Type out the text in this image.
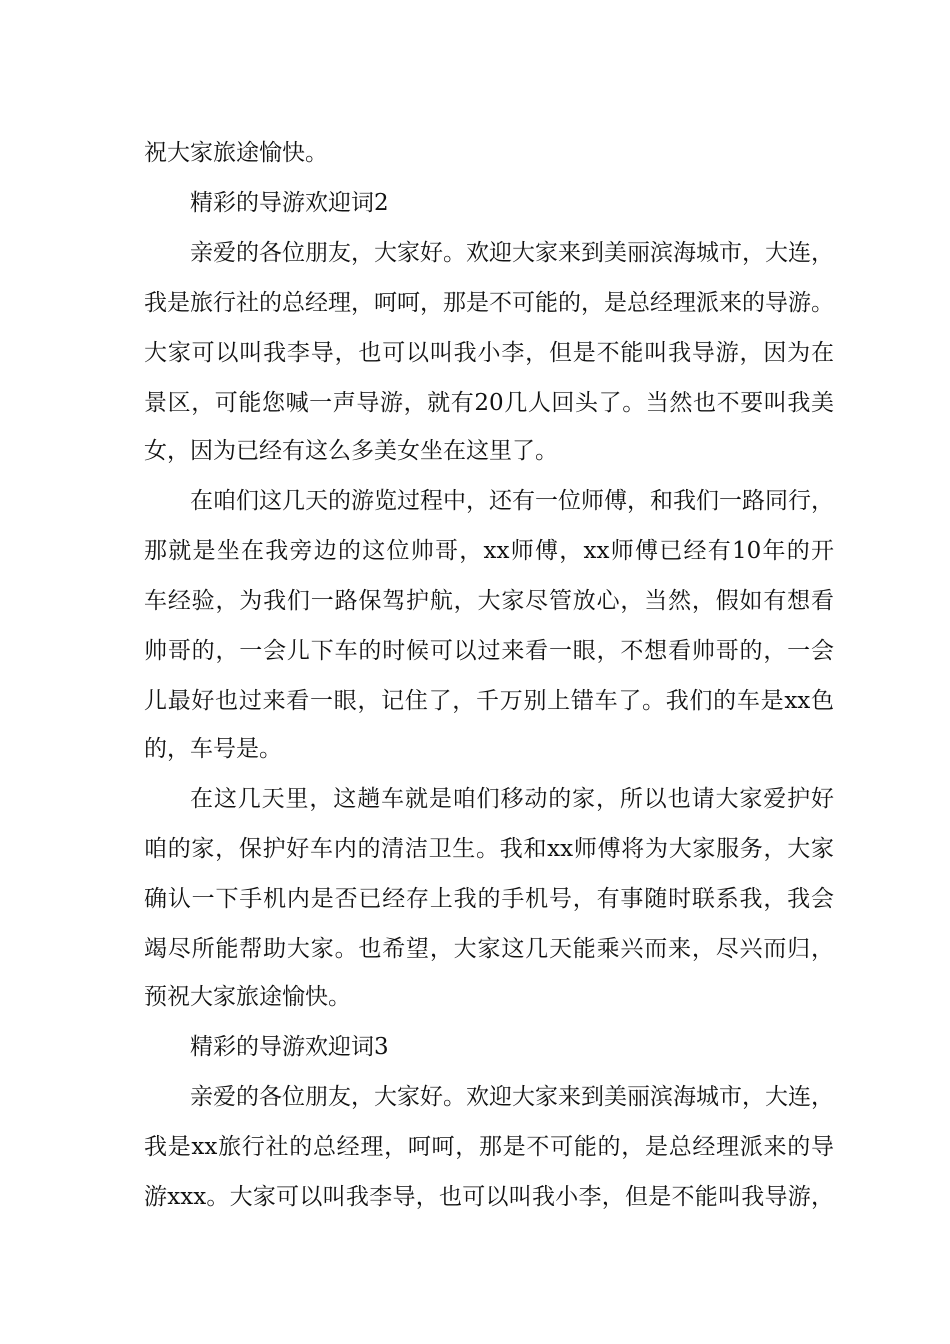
祝大家旅途愉快。
精彩的导游欢迎词2
亲爱的各位朋友，大家好。欢迎大家来到美丽滨海城市，大连，
我是旅行社的总经理，呵呵，那是不可能的，是总经理派来的导游。
大家可以叫我李导，也可以叫我小李，但是不能叫我导游，因为在
景区，可能您喊一声导游，就有20几人回头了。当然也不要叫我美
女，因为已经有这么多美女坐在这里了。
在咱们这几天的游览过程中，还有一位师傅，和我们一路同行，
那就是坐在我旁边的这位帅哥，xx师傅，xx师傅已经有10年的开
车经验，为我们一路保驾护航，大家尽管放心，当然，假如有想看
帅哥的，一会儿下车的时候可以过来看一眼，不想看帅哥的，一会
儿最好也过来看一眼，记住了，千万别上错车了。我们的车是xx色
的，车号是。
在这几天里，这趟车就是咱们移动的家，所以也请大家爱护好
咱的家，保护好车内的清洁卫生。我和xx师傅将为大家服务，大家
确认一下手机内是否已经存上我的手机号，有事随时联系我，我会
竭尽所能帮助大家。也希望，大家这几天能乘兴而来，尽兴而归，
预祝大家旅途愉快。
精彩的导游欢迎词3
亲爱的各位朋友，大家好。欢迎大家来到美丽滨海城市，大连，
我是xx旅行社的总经理，呵呵，那是不可能的，是总经理派来的导
游xxx。大家可以叫我李导，也可以叫我小李，但是不能叫我导游，
